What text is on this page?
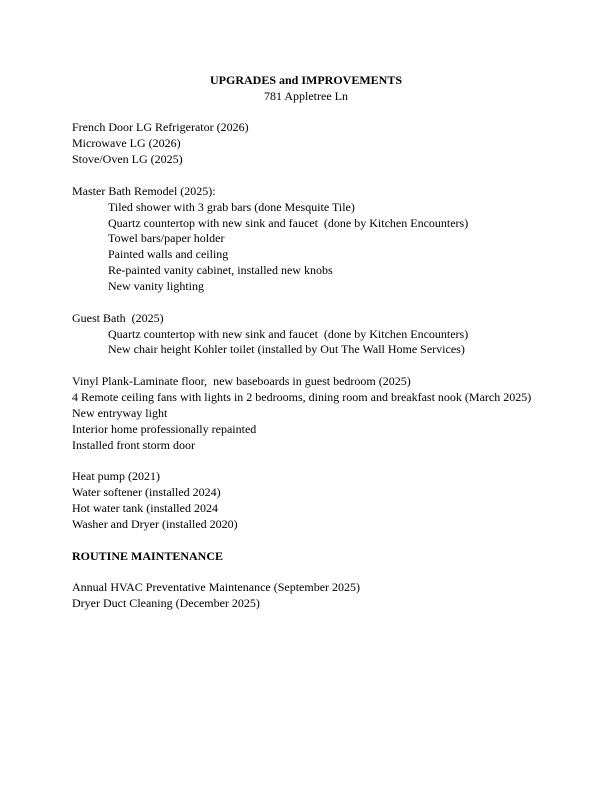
UPGRADES and IMPROVEMENTS
781 Appletree Ln
French Door LG Refrigerator (2026)
Microwave LG (2026)
Stove/Oven LG (2025)
Master Bath Remodel (2025):
Tiled shower with 3 grab bars (done Mesquite Tile)
Quartz countertop with new sink and faucet  (done by Kitchen Encounters)
Towel bars/paper holder
Painted walls and ceiling
Re-painted vanity cabinet, installed new knobs
New vanity lighting
Guest Bath  (2025)
Quartz countertop with new sink and faucet  (done by Kitchen Encounters)
New chair height Kohler toilet (installed by Out The Wall Home Services)
Vinyl Plank-Laminate floor,  new baseboards in guest bedroom (2025)
4 Remote ceiling fans with lights in 2 bedrooms, dining room and breakfast nook (March 2025)
New entryway light
Interior home professionally repainted
Installed front storm door
Heat pump (2021)
Water softener (installed 2024)
Hot water tank (installed 2024
Washer and Dryer (installed 2020)
ROUTINE MAINTENANCE
Annual HVAC Preventative Maintenance (September 2025)
Dryer Duct Cleaning (December 2025)
